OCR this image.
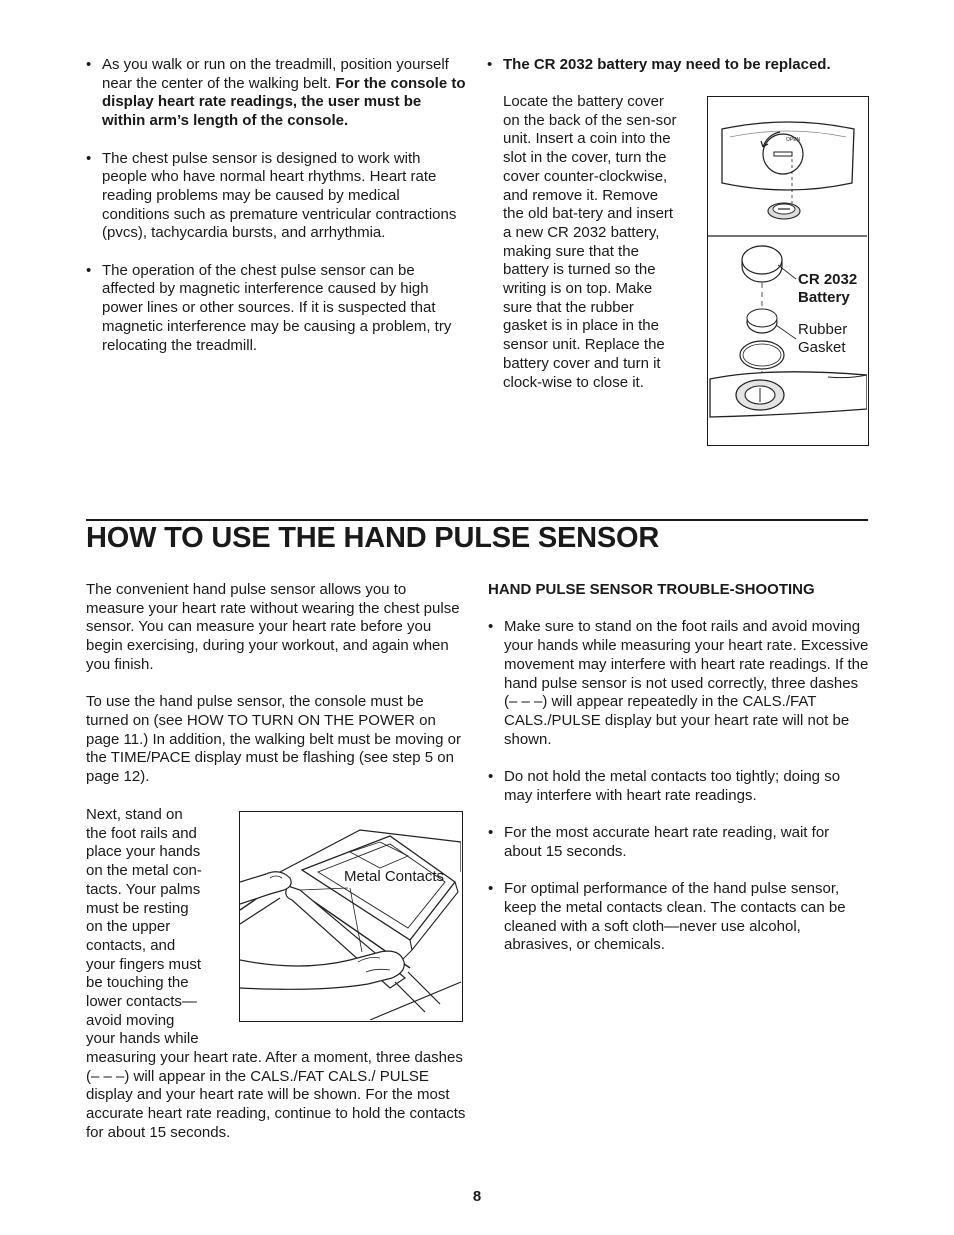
• As you walk or run on the treadmill, position yourself near the center of the walking belt. For the console to display heart rate readings, the user must be within arm’s length of the console.

• The chest pulse sensor is designed to work with people who have normal heart rhythms. Heart rate reading problems may be caused by medical conditions such as premature ventricular contractions (pvcs), tachycardia bursts, and arrhythmia.

• The operation of the chest pulse sensor can be affected by magnetic interference caused by high power lines or other sources. If it is suspected that magnetic interference may be causing a problem, try relocating the treadmill.

• The CR 2032 battery may need to be replaced.

Locate the battery cover on the back of the sen-sor unit. Insert a coin into the slot in the cover, turn the cover counter-clockwise, and remove it. Remove the old bat-tery and insert a new CR 2032 battery, making sure that the battery is turned so the writing is on top. Make sure that the rubber gasket is in place in the sensor unit. Replace the battery cover and turn it clock-wise to close it.

OPEN
CR 2032
Battery
Rubber
Gasket
HOW TO USE THE HAND PULSE SENSOR

The convenient hand pulse sensor allows you to measure your heart rate without wearing the chest pulse sensor. You can measure your heart rate before you begin exercising, during your workout, and again when you finish.

To use the hand pulse sensor, the console must be turned on (see HOW TO TURN ON THE POWER on page 11.) In addition, the walking belt must be moving or the TIME/PACE display must be flashing (see step 5 on page 12).

Next, stand on
the foot rails and
place your hands
on the metal con-
tacts. Your palms
must be resting
on the upper
contacts, and
your fingers must
be touching the
lower contacts—
avoid moving
your hands while

measuring your heart rate. After a moment, three dashes (– – –) will appear in the CALS./FAT CALS./ PULSE display and your heart rate will be shown. For the most accurate heart rate reading, continue to hold the contacts for about 15 seconds.

Metal Contacts

HAND PULSE SENSOR TROUBLE-SHOOTING

• Make sure to stand on the foot rails and avoid moving your hands while measuring your heart rate. Excessive movement may interfere with heart rate readings. If the hand pulse sensor is not used correctly, three dashes (– – –) will appear repeatedly in the CALS./FAT CALS./PULSE display but your heart rate will not be shown.

• Do not hold the metal contacts too tightly; doing so may interfere with heart rate readings.

• For the most accurate heart rate reading, wait for about 15 seconds.

• For optimal performance of the hand pulse sensor, keep the metal contacts clean. The contacts can be cleaned with a soft cloth—never use alcohol, abrasives, or chemicals.

8
